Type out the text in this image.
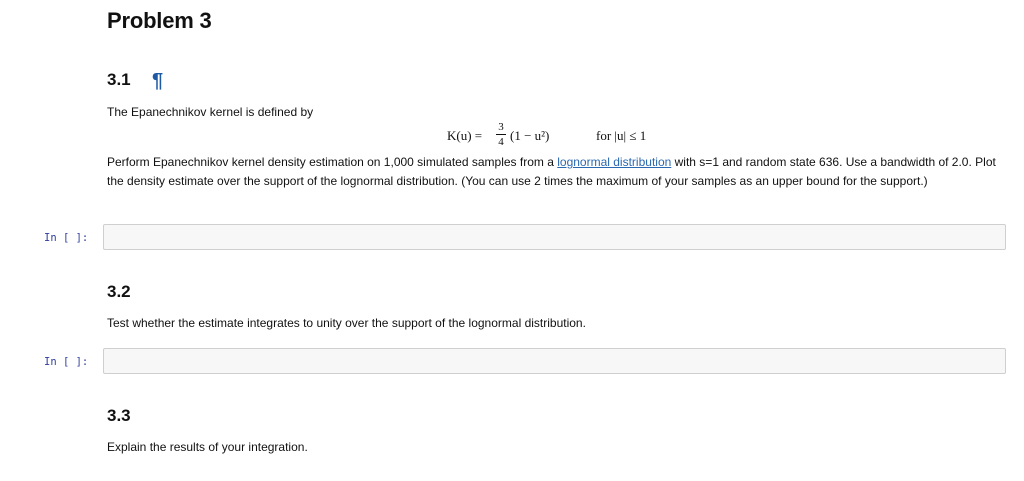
Problem 3
3.1 ¶
The Epanechnikov kernel is defined by
K(u) =
3
4 (1 − u²)	for |u| ≤ 1
Perform Epanechnikov kernel density estimation on 1,000 simulated samples from a lognormal distribution with s=1 and random state 636. Use a bandwidth of 2.0. Plot the density estimate over the support of the lognormal distribution. (You can use 2 times the maximum of your samples as an upper bound for the support.)
In [ ]:
3.2
Test whether the estimate integrates to unity over the support of the lognormal distribution.
In [ ]:
3.3
Explain the results of your integration.
